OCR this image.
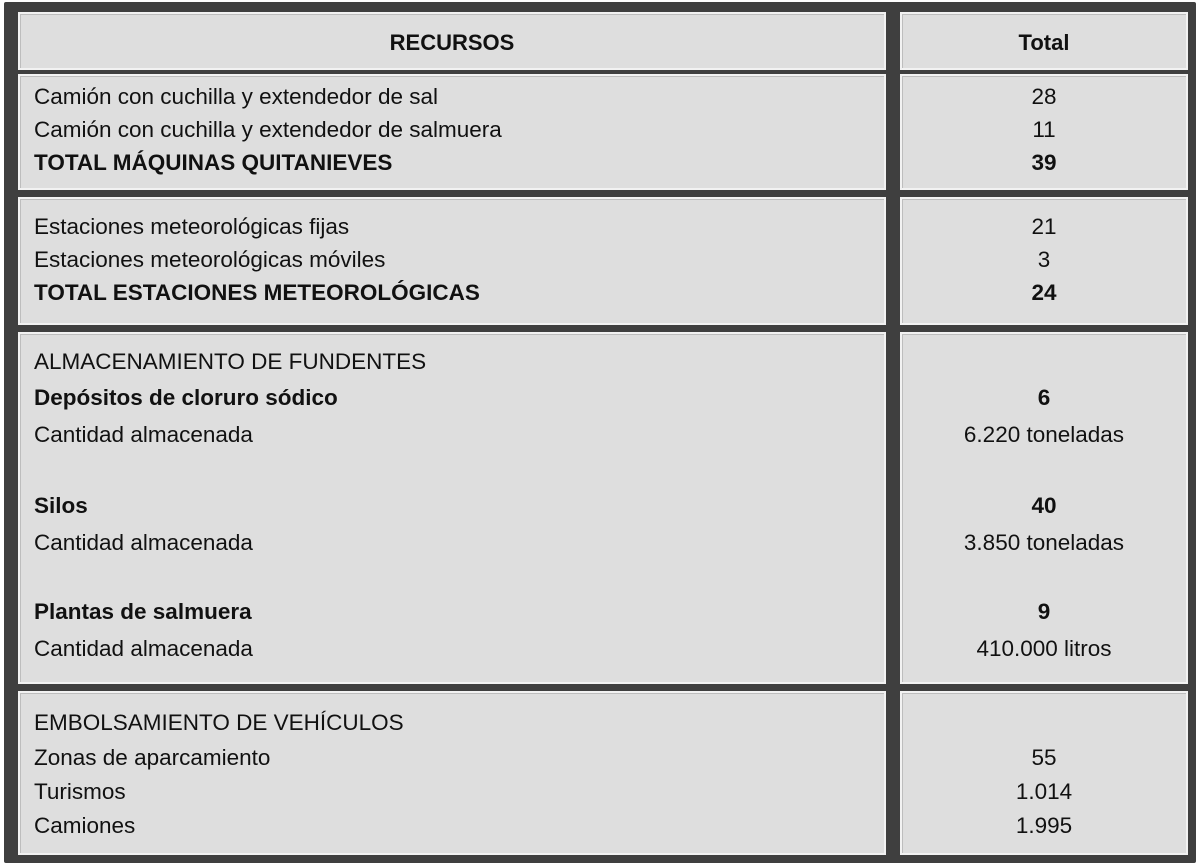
RECURSOS	Total
Camión con cuchilla y extendedor de sal
Camión con cuchilla y extendedor de salmuera
TOTAL MÁQUINAS QUITANIEVES
28
11
39
Estaciones meteorológicas fijas
Estaciones meteorológicas móviles
TOTAL ESTACIONES METEOROLÓGICAS
21
3
24
ALMACENAMIENTO DE FUNDENTES
Depósitos de cloruro sódico
Cantidad almacenada
Silos
Cantidad almacenada
Plantas de salmuera
Cantidad almacenada
6
6.220 toneladas
40
3.850 toneladas
9
410.000 litros
EMBOLSAMIENTO DE VEHÍCULOS
Zonas de aparcamiento
Turismos
Camiones
55
1.014
1.995
